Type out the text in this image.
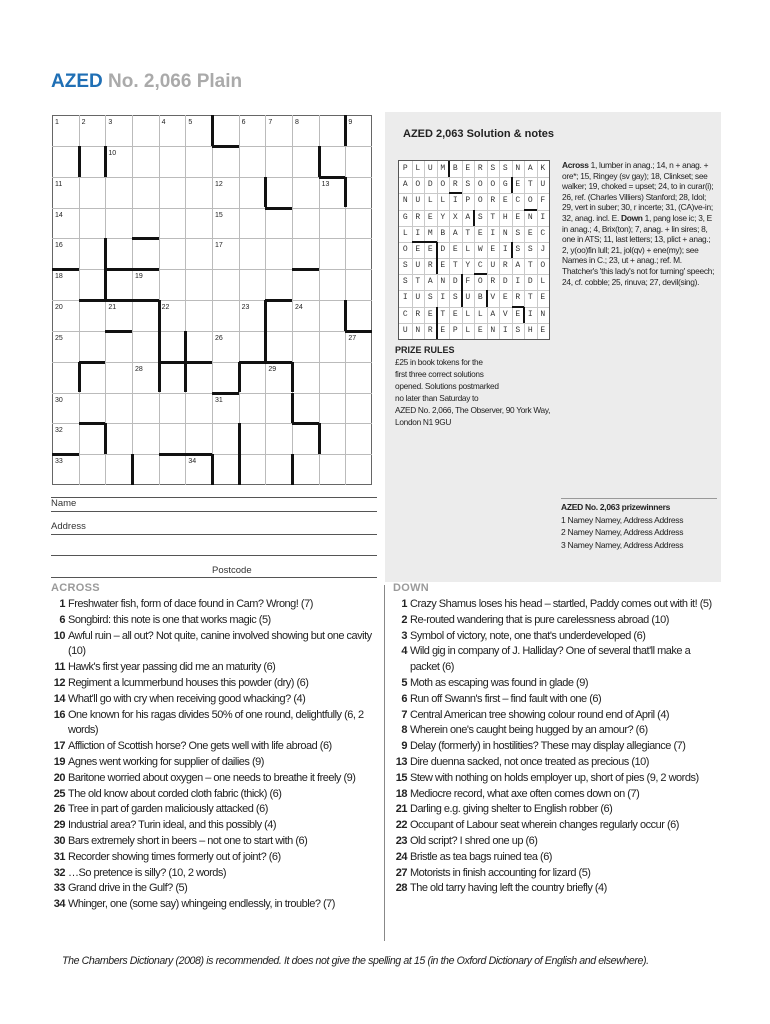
AZED No. 2,066 Plain
1	2	3	4	5	6	7	8	9
10
11	12	13
14	15
16	17
18	19
20	21	22	23	24
25	26	27
28	29
30	31
32
33	34
AZED 2,063 Solution & notes
P L U M B E R S S N A K
A O D O R S O O G E T U
N U L L I P O R E C O F
G R E Y X A S T H E N I
L I M B A T E I N S E C
O E E D E L W E I S S J
S U R E T Y C U R A T O
S T A N D F O R D I D L
I U S I S U B V E R T E
C R E T E L L A V E I N
U N R E P L E N I S H E
Across 1, lumber in anag.; 14, n + anag. + ore*; 15, Ringey (sv gay); 18, Clinkset; see walker; 19, choked = upset; 24, to in curar(i); 26, ref. (Charles Villiers) Stanford; 28, Idol; 29, vert in suber; 30, r incerte; 31, (CA)ve-in; 32, anag. incl. E. Down 1, pang lose ic; 3, E in anag.; 4, Brix(ton); 7, anag. + lin sires; 8, one in ATS; 11, last letters; 13, plict + anag.; 2, y(oo)fin lull; 21, jol(qv) + ene(my); see Names in C.; 23, ut + anag.; ref. M. Thatcher's 'this lady's not for turning' speech; 24, cf. cobble; 25, rinuva; 27, devil(sing).
PRIZE RULES
£25 in book tokens for the
first three correct solutions
opened. Solutions postmarked
no later than Saturday to
AZED No. 2,066, The Observer, 90 York Way,
London N1 9GU
AZED No. 2,063 prizewinners
1 Namey Namey, Address Address
2 Namey Namey, Address Address
3 Namey Namey, Address Address
Name
Address
Postcode
ACROSS
1 Freshwater fish, form of dace found in Cam? Wrong! (7)
6 Songbird: this note is one that works magic (5)
10 Awful ruin – all out? Not quite, canine involved showing but one cavity (10)
11 Hawk's first year passing did me an maturity (6)
12 Regiment a lcummerbund houses this powder (dry) (6)
14 What'll go with cry when receiving good whacking? (4)
16 One known for his ragas divides 50% of one round, delightfully (6, 2 words)
17 Affliction of Scottish horse? One gets well with life abroad (6)
19 Agnes went working for supplier of dailies (9)
20 Baritone worried about oxygen – one needs to breathe it freely (9)
25 The old know about corded cloth fabric (thick) (6)
26 Tree in part of garden maliciously attacked (6)
29 Industrial area? Turin ideal, and this possibly (4)
30 Bars extremely short in beers – not one to start with (6)
31 Recorder showing times formerly out of joint? (6)
32 …So pretence is silly? (10, 2 words)
33 Grand drive in the Gulf? (5)
34 Whinger, one (some say) whingeing endlessly, in trouble? (7)
DOWN
1 Crazy Shamus loses his head – startled, Paddy comes out with it! (5)
2 Re-routed wandering that is pure carelessness abroad (10)
3 Symbol of victory, note, one that's underdeveloped (6)
4 Wild gig in company of J. Halliday? One of several that'll make a packet (6)
5 Moth as escaping was found in glade (9)
6 Run off Swann's first – find fault with one (6)
7 Central American tree showing colour round end of April (4)
8 Wherein one's caught being hugged by an amour? (6)
9 Delay (formerly) in hostilities? These may display allegiance (7)
13 Dire duenna sacked, not once treated as precious (10)
15 Stew with nothing on holds employer up, short of pies (9, 2 words)
18 Mediocre record, what axe often comes down on (7)
21 Darling e.g. giving shelter to English robber (6)
22 Occupant of Labour seat wherein changes regularly occur (6)
23 Old script? I shred one up (6)
24 Bristle as tea bags ruined tea (6)
27 Motorists in finish accounting for lizard (5)
28 The old tarry having left the country briefly (4)
The Chambers Dictionary (2008) is recommended. It does not give the spelling at 15 (in the Oxford Dictionary of English and elsewhere).
